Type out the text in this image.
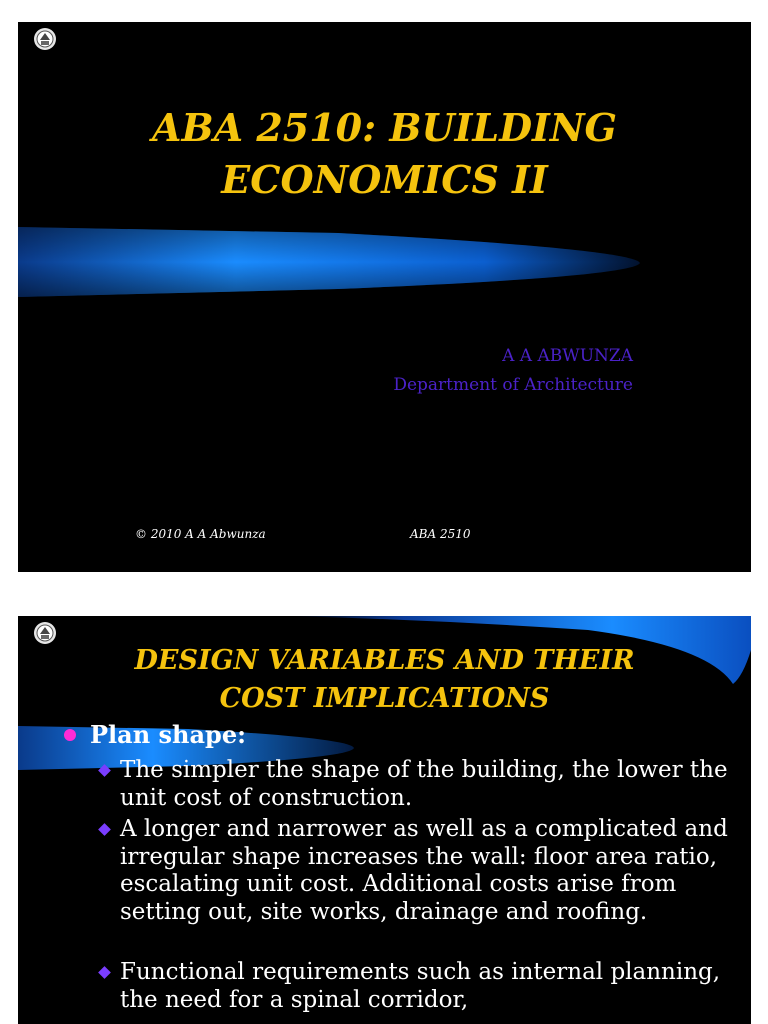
ABA 2510: BUILDING
ECONOMICS II
A A ABWUNZA
Department of Architecture
© 2010 A A Abwunza	ABA 2510
DESIGN VARIABLES AND THEIR
COST IMPLICATIONS
Plan shape:
The simpler the shape of the building, the lower the unit cost of construction.
A longer and narrower as well as a complicated and irregular shape increases the wall: floor area ratio, escalating unit cost. Additional costs arise from setting out, site works, drainage and roofing.
Functional requirements such as internal planning, the need for a spinal corridor,
